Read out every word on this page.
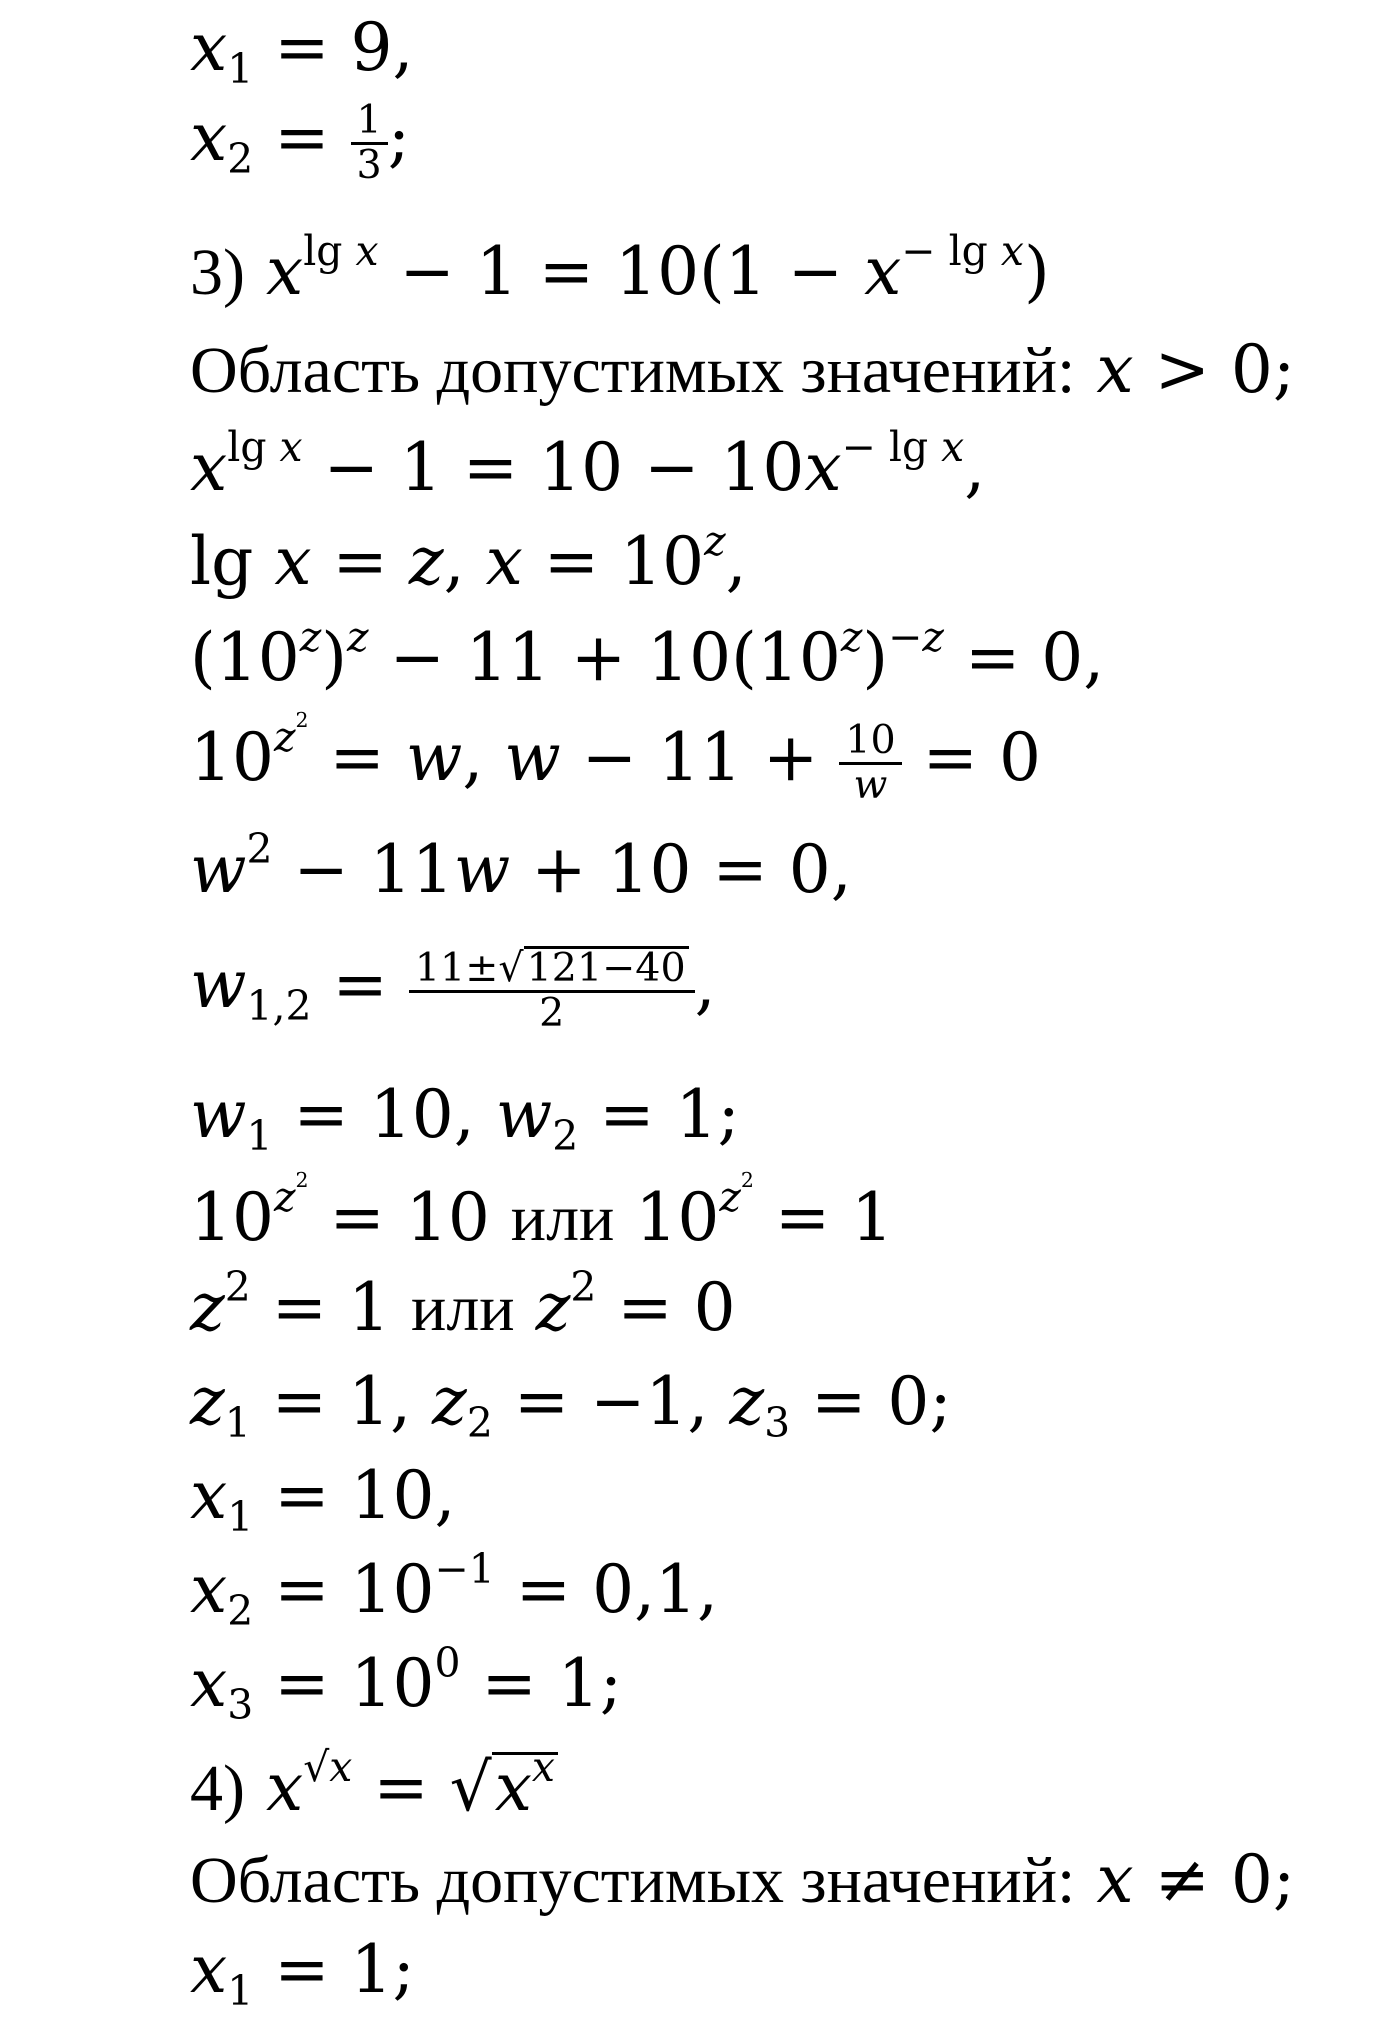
x1 = 9,
$x2 = \frac{1}{3}$ ;
3) xlg x − 1 = 10(1 − x− lg x)
Область допустимых значений: x > 0;
xlg x − 1 = 10 − 10x− lg x,
lg x = z, x = 10z,
(10z)z − 11 + 10(10z)−z = 0,
10z2 = w, $w - 11 + \frac{10}{w} = 0$
w2 − 11w + 10 = 0,
$w1,2 = \frac{11\pm√121-40}{2}$ ,
w1 = 10, w2 = 1;
10z2 = 10 или 10z2 = 1
z2 = 1 или z2 = 0
z1 = 1, z2 = −1, z3 = 0;
x1 = 10,
x2 = 10−1 = 0,1,
x3 = 100 = 1;
4) x√x = √xx
Область допустимых значений: x ≠ 0;
x1 = 1;
